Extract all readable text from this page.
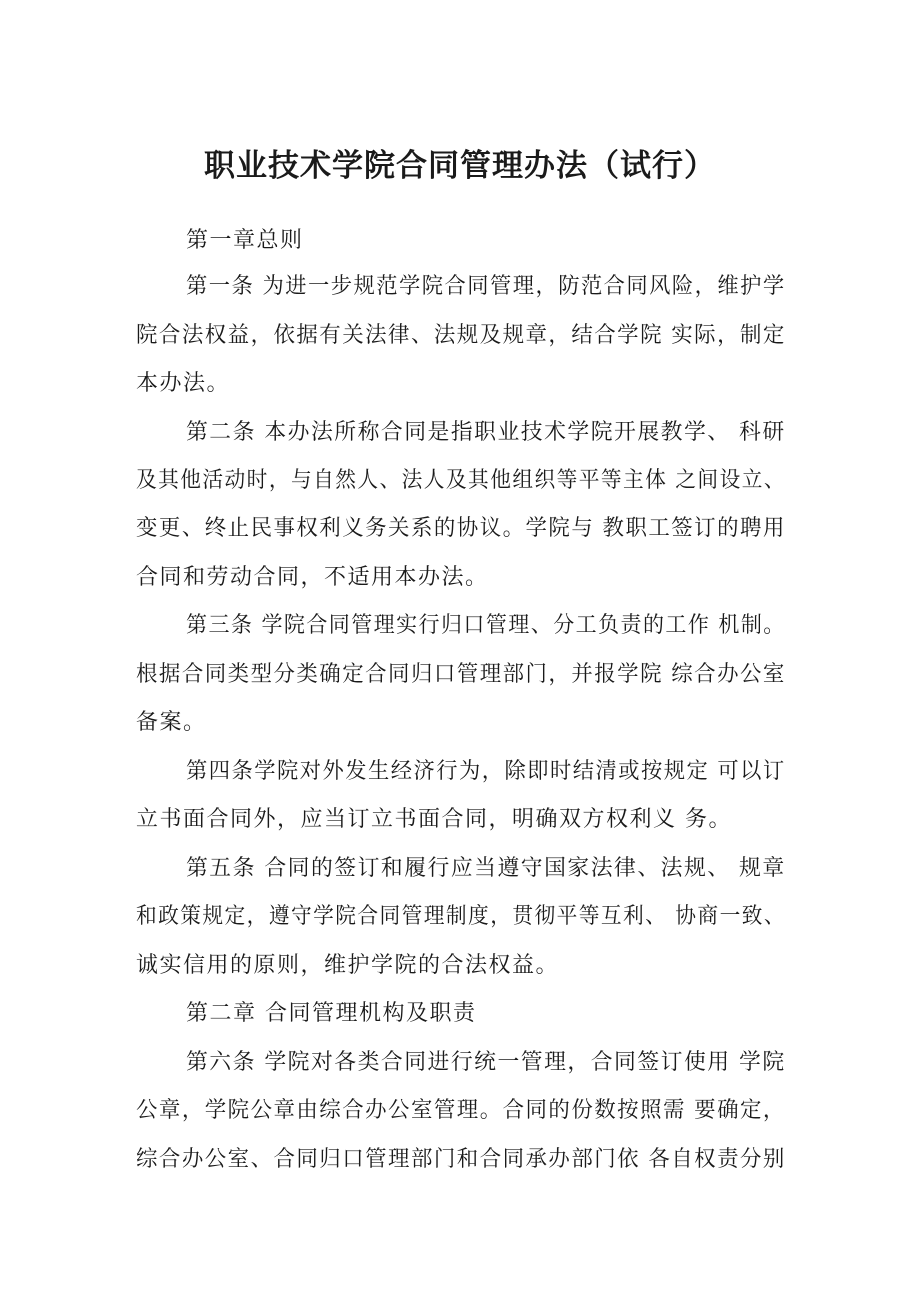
职业技术学院合同管理办法（试行）
第一章总则
第一条 为进一步规范学院合同管理，防范合同风险，维护学
院合法权益，依据有关法律、法规及规章，结合学院 实际，制定
本办法。
第二条 本办法所称合同是指职业技术学院开展教学、 科研
及其他活动时，与自然人、法人及其他组织等平等主体 之间设立、
变更、终止民事权利义务关系的协议。学院与 教职工签订的聘用
合同和劳动合同，不适用本办法。
第三条 学院合同管理实行归口管理、分工负责的工作 机制。
根据合同类型分类确定合同归口管理部门，并报学院 综合办公室
备案。
第四条学院对外发生经济行为，除即时结清或按规定 可以订
立书面合同外，应当订立书面合同，明确双方权利义 务。
第五条 合同的签订和履行应当遵守国家法律、法规、 规章
和政策规定，遵守学院合同管理制度，贯彻平等互利、 协商一致、
诚实信用的原则，维护学院的合法权益。
第二章 合同管理机构及职责
第六条 学院对各类合同进行统一管理，合同签订使用 学院
公章，学院公章由综合办公室管理。合同的份数按照需 要确定，
综合办公室、合同归口管理部门和合同承办部门依 各自权责分别
